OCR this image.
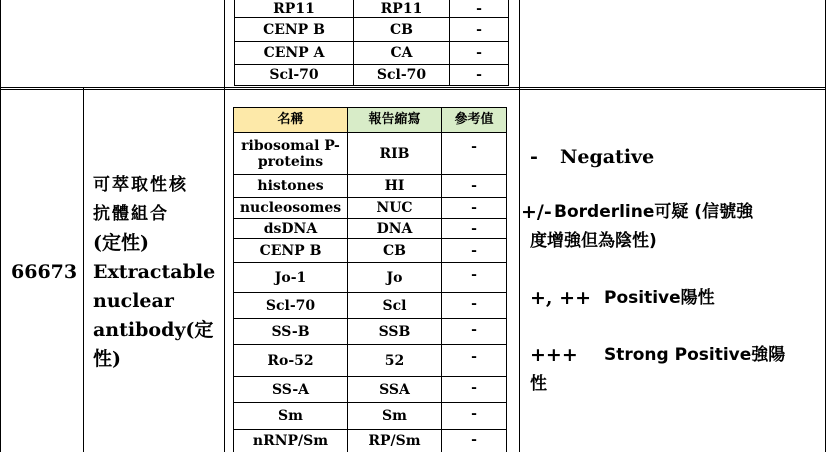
RP11	RP11	-
CENP B	CB	-
CENP A	CA	-
Scl-70	Scl-70	-
66673
可萃取性核
抗體組合
(定性)
Extractable
nuclear
antibody(定
性)
名稱	報告縮寫	參考值
ribosomal P-proteins	RIB	-
histones	HI	-
nucleosomes	NUC	-
dsDNA	DNA	-
CENP B	CB	-
Jo-1	Jo	-
Scl-70	Scl	-
SS-B	SSB	-
Ro-52	52	-
SS-A	SSA	-
Sm	Sm	-
nRNP/Sm	RP/Sm	-
- Negative
+/- Borderline可疑 (信號強
度增強但為陰性)
+, ++ Positive陽性
+++ Strong Positive強陽
性
